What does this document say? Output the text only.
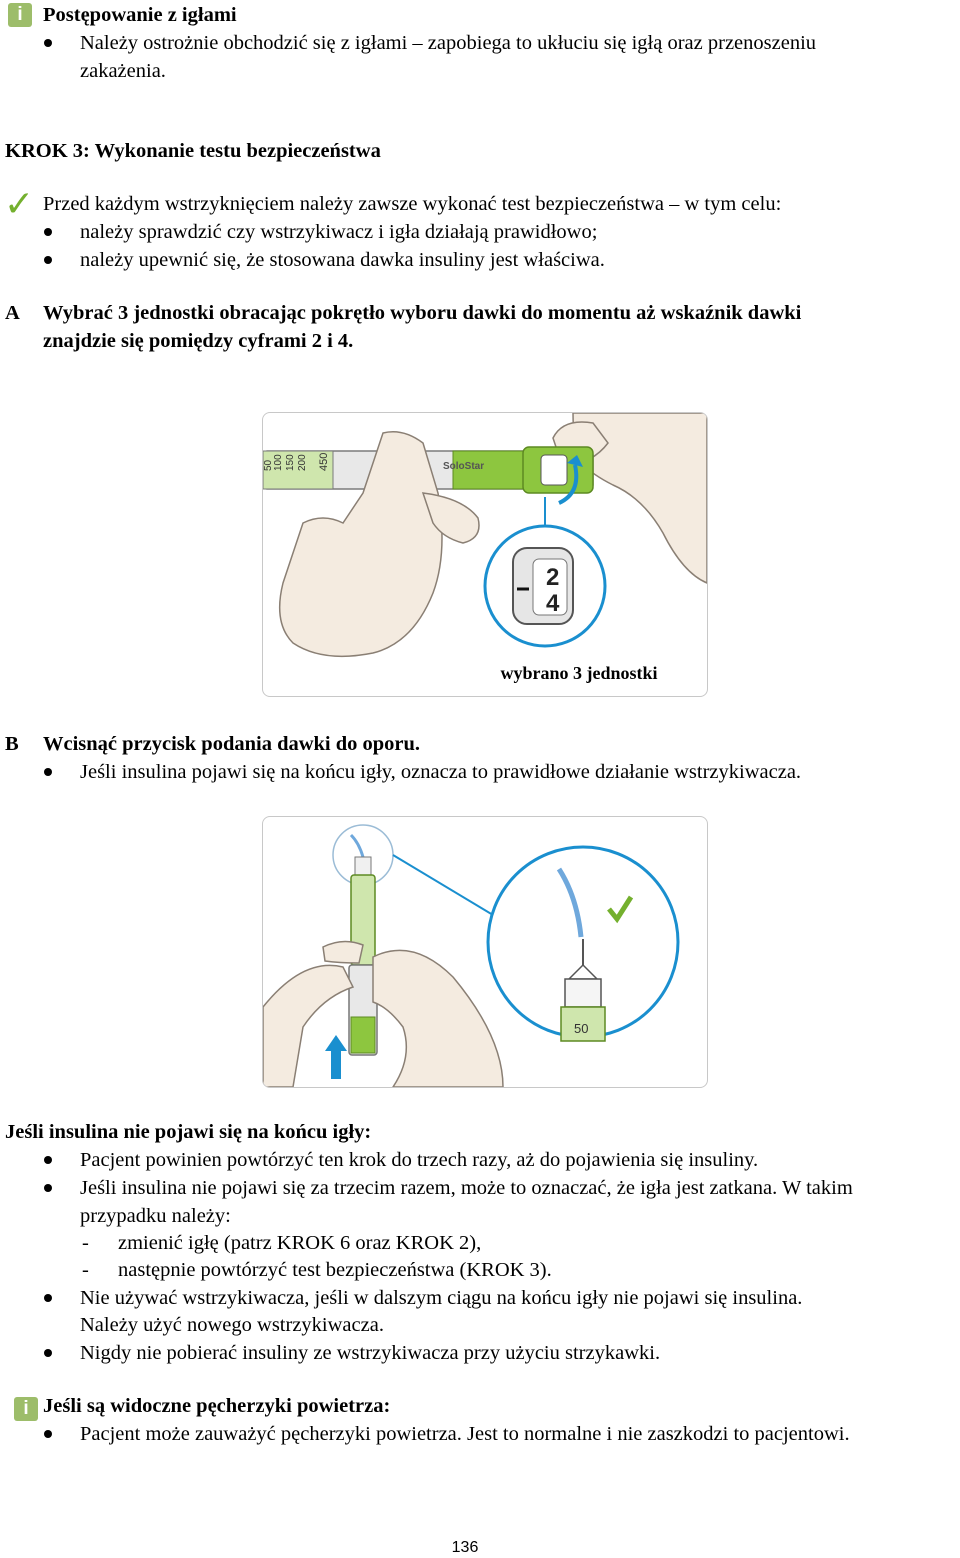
i Postępowanie z igłami
Należy ostrożnie obchodzić się z igłami – zapobiega to ukłuciu się igłą oraz przenoszeniu
zakażenia.
KROK 3: Wykonanie testu bezpieczeństwa
✓ Przed każdym wstrzyknięciem należy zawsze wykonać test bezpieczeństwa – w tym celu:
należy sprawdzić czy wstrzykiwacz i igła działają prawidłowo;
należy upewnić się, że stosowana dawka insuliny jest właściwa.
A Wybrać 3 jednostki obracając pokrętło wyboru dawki do momentu aż wskaźnik dawki
znajdzie się pomiędzy cyframi 2 i 4.
450
200
150
100
50	SoloStar
2
4
wybrano 3 jednostki
B Wcisnąć przycisk podania dawki do oporu.
Jeśli insulina pojawi się na końcu igły, oznacza to prawidłowe działanie wstrzykiwacza.
50
Jeśli insulina nie pojawi się na końcu igły:
Pacjent powinien powtórzyć ten krok do trzech razy, aż do pojawienia się insuliny.
Jeśli insulina nie pojawi się za trzecim razem, może to oznaczać, że igła jest zatkana. W takim
przypadku należy:
- zmienić igłę (patrz KROK 6 oraz KROK 2),
- następnie powtórzyć test bezpieczeństwa (KROK 3).
Nie używać wstrzykiwacza, jeśli w dalszym ciągu na końcu igły nie pojawi się insulina.
Należy użyć nowego wstrzykiwacza.
Nigdy nie pobierać insuliny ze wstrzykiwacza przy użyciu strzykawki.
i Jeśli są widoczne pęcherzyki powietrza:
Pacjent może zauważyć pęcherzyki powietrza. Jest to normalne i nie zaszkodzi to pacjentowi.
136
